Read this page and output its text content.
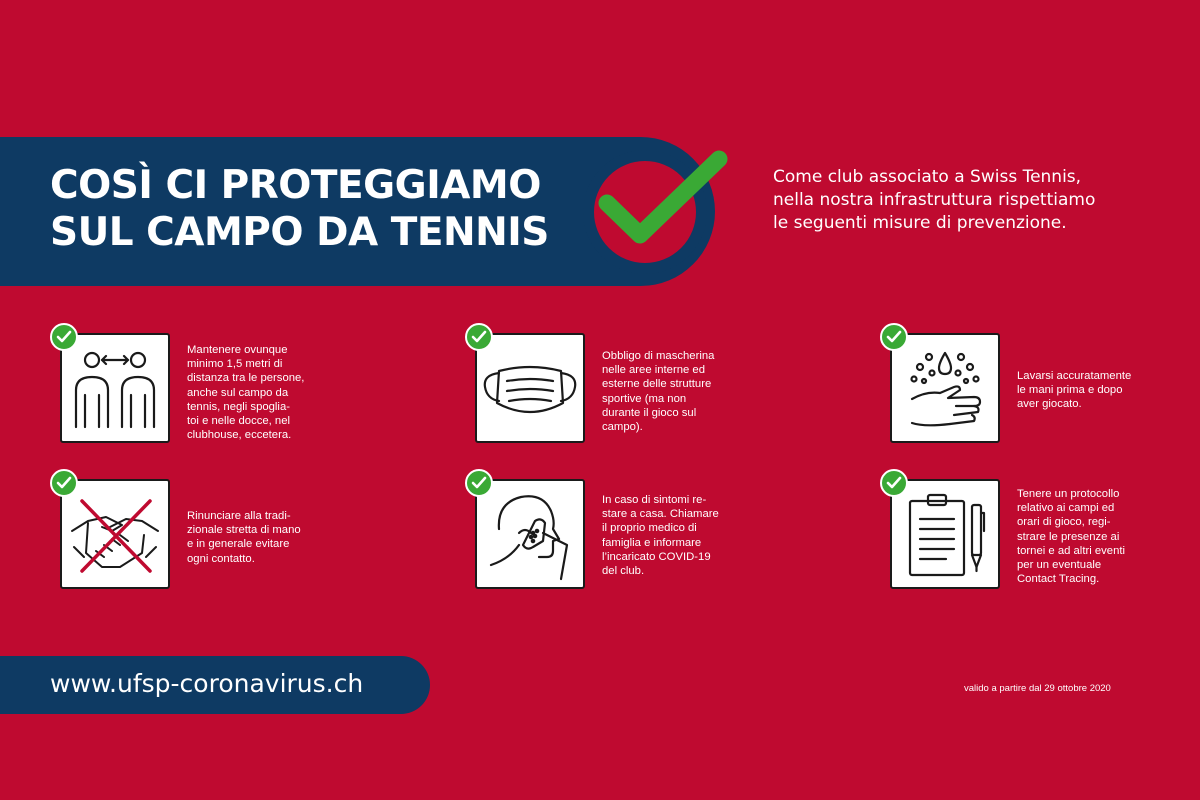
COSÌ CI PROTEGGIAMO
SUL CAMPO DA TENNIS
Come club associato a Swiss Tennis,
nella nostra infrastruttura rispettiamo
le seguenti misure di prevenzione.
Mantenere ovunque
minimo 1,5 metri di
distanza tra le persone,
anche sul campo da
tennis, negli spoglia-
toi e nelle docce, nel
clubhouse, eccetera.
Obbligo di mascherina
nelle aree interne ed
esterne delle strutture
sportive (ma non
durante il gioco sul
campo).
Lavarsi accuratamente
le mani prima e dopo
aver giocato.
Rinunciare alla tradi-
zionale stretta di mano
e in generale evitare
ogni contatto.
In caso di sintomi re-
stare a casa. Chiamare
il proprio medico di
famiglia e informare
l’incaricato COVID-19
del club.
Tenere un protocollo
relativo ai campi ed
orari di gioco, regi-
strare le presenze ai
tornei e ad altri eventi
per un eventuale
Contact Tracing.
www.ufsp-coronavirus.ch	valido a partire dal 29 ottobre 2020
